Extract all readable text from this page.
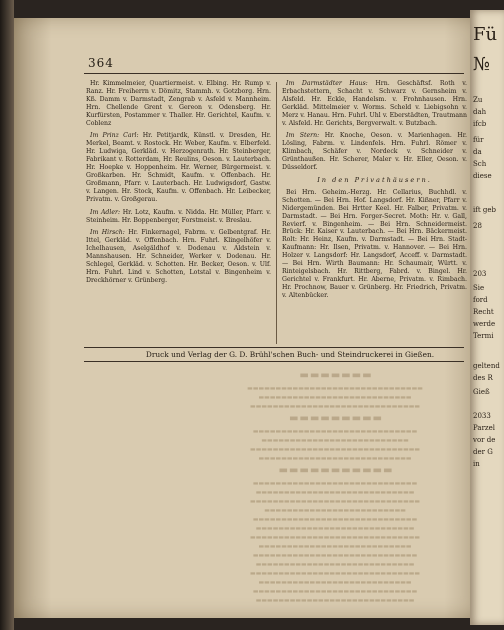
364

Hr. Kimmelmeier, Quartiermeist. v. Elbing. Hr. Rump v. Ranz. Hr. Freiherrn v. Dömitz, Stammh. v. Gotzborg. Hrn. Kß. Damm v. Darmstadt, Zengrab v. Asfeld v. Mannheim. Hrn. Chellende Grent v. Gereon v. Odensberg. Hr. Kurfürsten, Postammer v. Thaller. Hr. Gerichtel, Kaufm. v. Coblenz

Im Prinz Carl: Hr. Petitjardk, Künstl. v. Dresden, Hr. Merkel, Beamt. v. Rostock. Hr. Weber, Kaufm. v. Elberfeld. Hr. Ludwiga, Gerkläd. v. Herzogenrath. Hr. Steinberger, Fabrikant v. Rotterdam, Hr. Reulins, Oeson. v. Lauterbach. Hr. Hoepke v. Hoppenheim. Hr. Werner, Bürgermeist. v. Großkarben. Hr. Schmidt, Kaufm. v. Offenbach. Hr. Großmann, Pfarr. v. Lauterbach. Hr. Ludwigsdorf, Gastw. v. Langen. Hr. Stock, Kaufm. v. Offenbach. Hr. Leibecker, Privatm. v. Großgerau.

Im Adler: Hr. Lotz, Kaufm. v. Nidda. Hr. Müller, Pfarr. v. Steinheim. Hr. Boppenberger, Forstmeist. v. Breslau.

Im Hirsch: Hr. Finkernagel, Fabrm. v. Gelbentgraf. Hr. Ittel, Gerkläd. v. Offenbach. Hrn. Fuhrl. Klingelhöfer v. Ichelhausen, Aselgäldhof v. Dodenau v. Aldstein v. Mannshausen. Hr. Schneider, Werker v. Dodenau. Hr. Schlegel, Gerkläd. v. Schotten. Hr. Becker, Oeson. v. Ulf. Hrn. Fuhrl. Lind v. Schotten, Lotstal v. Bingenheim v. Dreckhörner v. Grünberg.

Im Darmstädter Haus: Hrn. Geschäftsf. Roth v. Erbachstettern, Schacht v. Schwarz v. Gernsheim v. Alsfeld. Hr. Eckle, Handelsm. v. Frohnhausen. Hrn. Gerkläd. Mittelmeier v. Worms. Scheld v. Liebigsohn v. Merz v. Hanau. Hrn. Fuhrl. Uhl v. Eberstädten, Trautmann v. Alsfeld. Hr. Gerichts, Bergverwalt. v. Butzbach.

Im Stern: Hr. Knoche, Oeson. v. Marienhagen. Hr. Lösling, Fabrm. v. Lindenfels. Hrn. Fuhrl. Römer v. Klimbach, Schäfer v. Nordeck v. Schneider v. Grünthaußen. Hr. Scherer, Maler v. Hr. Eller, Oeson. v. Düsseldorf.

In den Privathäusern.

Bei Hrn. Geheim.-Herzg. Hr. Cellarius, Buchhdl. v. Schotten. — Bei Hrn. Hof. Langsdorf. Hr. Kißner, Pfarr v. Nidergemünden. Bei Hrtter Keel. Hr. Falber, Privatm. v. Darmstadt. — Bei Hrn. Forger-Secret. Moth: Hr. v. Gall, Revierf. v. Bingenheim. — Bei Hrn. Schneidermeist. Brück: Hr. Kaiser v. Lauterbach. — Bei Hrn. Bäckermeist. Rolt: Hr. Heinz, Kaufm. v. Darmstadt. — Bei Hrn. Stadt-Kaufmann: Hr. Ilsen, Privatm. v. Hannover. — Bei Hrn. Holzer v. Langsdorf: Hr. Langsdorf, Acceff. v. Darmstadt. — Bei Hrn. Wirth Baumann: Hr. Schaumair, Württ. v. Rinteigelsbach. Hr. Rittberg, Fabrd. v. Bingel. Hr. Gerichtel v. Frankfurt. Hr. Aberne, Privatm. v. Rimbach. Hr. Prochnow, Bauer v. Grünberg. Hr. Friedrich, Privatm. v. Altenbücker.

Druck und Verlag der G. D. Brühl'schen Buch- und Steindruckerei in Gießen.
▬▬▬▬▬▬▬
▬▬▬▬▬▬▬▬▬▬▬▬▬▬▬▬▬▬▬▬▬▬▬▬▬▬▬▬▬▬▬
▬▬▬▬▬▬▬▬▬▬▬▬▬▬▬▬▬▬▬▬▬▬▬▬▬▬▬
▬▬▬▬▬▬▬▬▬▬▬▬▬▬▬▬▬▬▬▬▬▬▬▬▬▬▬▬▬▬
▬▬▬▬▬▬▬▬▬
▬▬▬▬▬▬▬▬▬▬▬▬▬▬▬▬▬▬▬▬▬▬▬▬▬▬▬▬▬
▬▬▬▬▬▬▬▬▬▬▬▬▬▬▬▬▬▬▬▬▬▬▬▬▬▬
▬▬▬▬▬▬▬▬▬▬▬▬▬▬▬▬▬▬▬▬▬▬▬▬▬▬▬▬▬▬
▬▬▬▬▬▬▬▬▬▬▬▬▬▬▬▬▬▬▬▬▬▬▬▬▬▬▬
▬▬▬▬▬▬▬▬▬▬▬
▬▬▬▬▬▬▬▬▬▬▬▬▬▬▬▬▬▬▬▬▬▬▬▬▬▬▬▬▬
▬▬▬▬▬▬▬▬▬▬▬▬▬▬▬▬▬▬▬▬▬▬▬▬▬▬▬▬
▬▬▬▬▬▬▬▬▬▬▬▬▬▬▬▬▬▬▬▬▬▬▬▬▬▬▬▬▬▬
▬▬▬▬▬▬▬▬▬▬▬▬▬▬▬▬▬▬▬▬▬▬▬▬▬
▬▬▬▬▬▬▬▬▬▬▬▬▬▬▬▬▬▬▬▬▬▬▬▬▬▬▬▬▬
▬▬▬▬▬▬▬▬▬▬▬▬▬▬▬▬▬▬▬▬▬▬▬▬▬▬▬▬
▬▬▬▬▬▬▬▬▬▬▬▬▬▬▬▬▬▬▬▬▬▬▬▬▬▬▬▬▬▬
▬▬▬▬▬▬▬▬▬▬▬▬▬▬▬▬▬▬▬▬▬▬▬▬▬▬▬
▬▬▬▬▬▬▬▬▬▬▬▬▬▬▬▬▬▬▬▬▬▬▬▬▬▬▬▬▬
▬▬▬▬▬▬▬▬▬▬▬▬▬▬▬▬▬▬▬▬▬▬▬▬▬▬▬▬
▬▬▬▬▬▬▬▬▬▬▬▬▬▬▬▬▬▬▬▬▬▬▬▬▬▬▬▬▬▬
▬▬▬▬▬▬▬▬▬▬▬▬▬▬▬▬▬▬▬▬▬▬▬▬▬▬▬
▬▬▬▬▬▬▬▬▬▬▬▬▬▬▬▬▬▬▬▬▬▬▬▬▬▬▬▬▬
▬▬▬▬▬▬▬▬▬▬▬▬▬▬▬▬▬▬▬▬▬▬▬▬▬▬▬▬
Fü
№
Zu
dah
ifcb
für
da
Sch
diese
ift geb
28
203
Sie
ford
Recht
werde
Termi
geltend
des R
Gieß
2033
Parzel
vor de
der G
in
